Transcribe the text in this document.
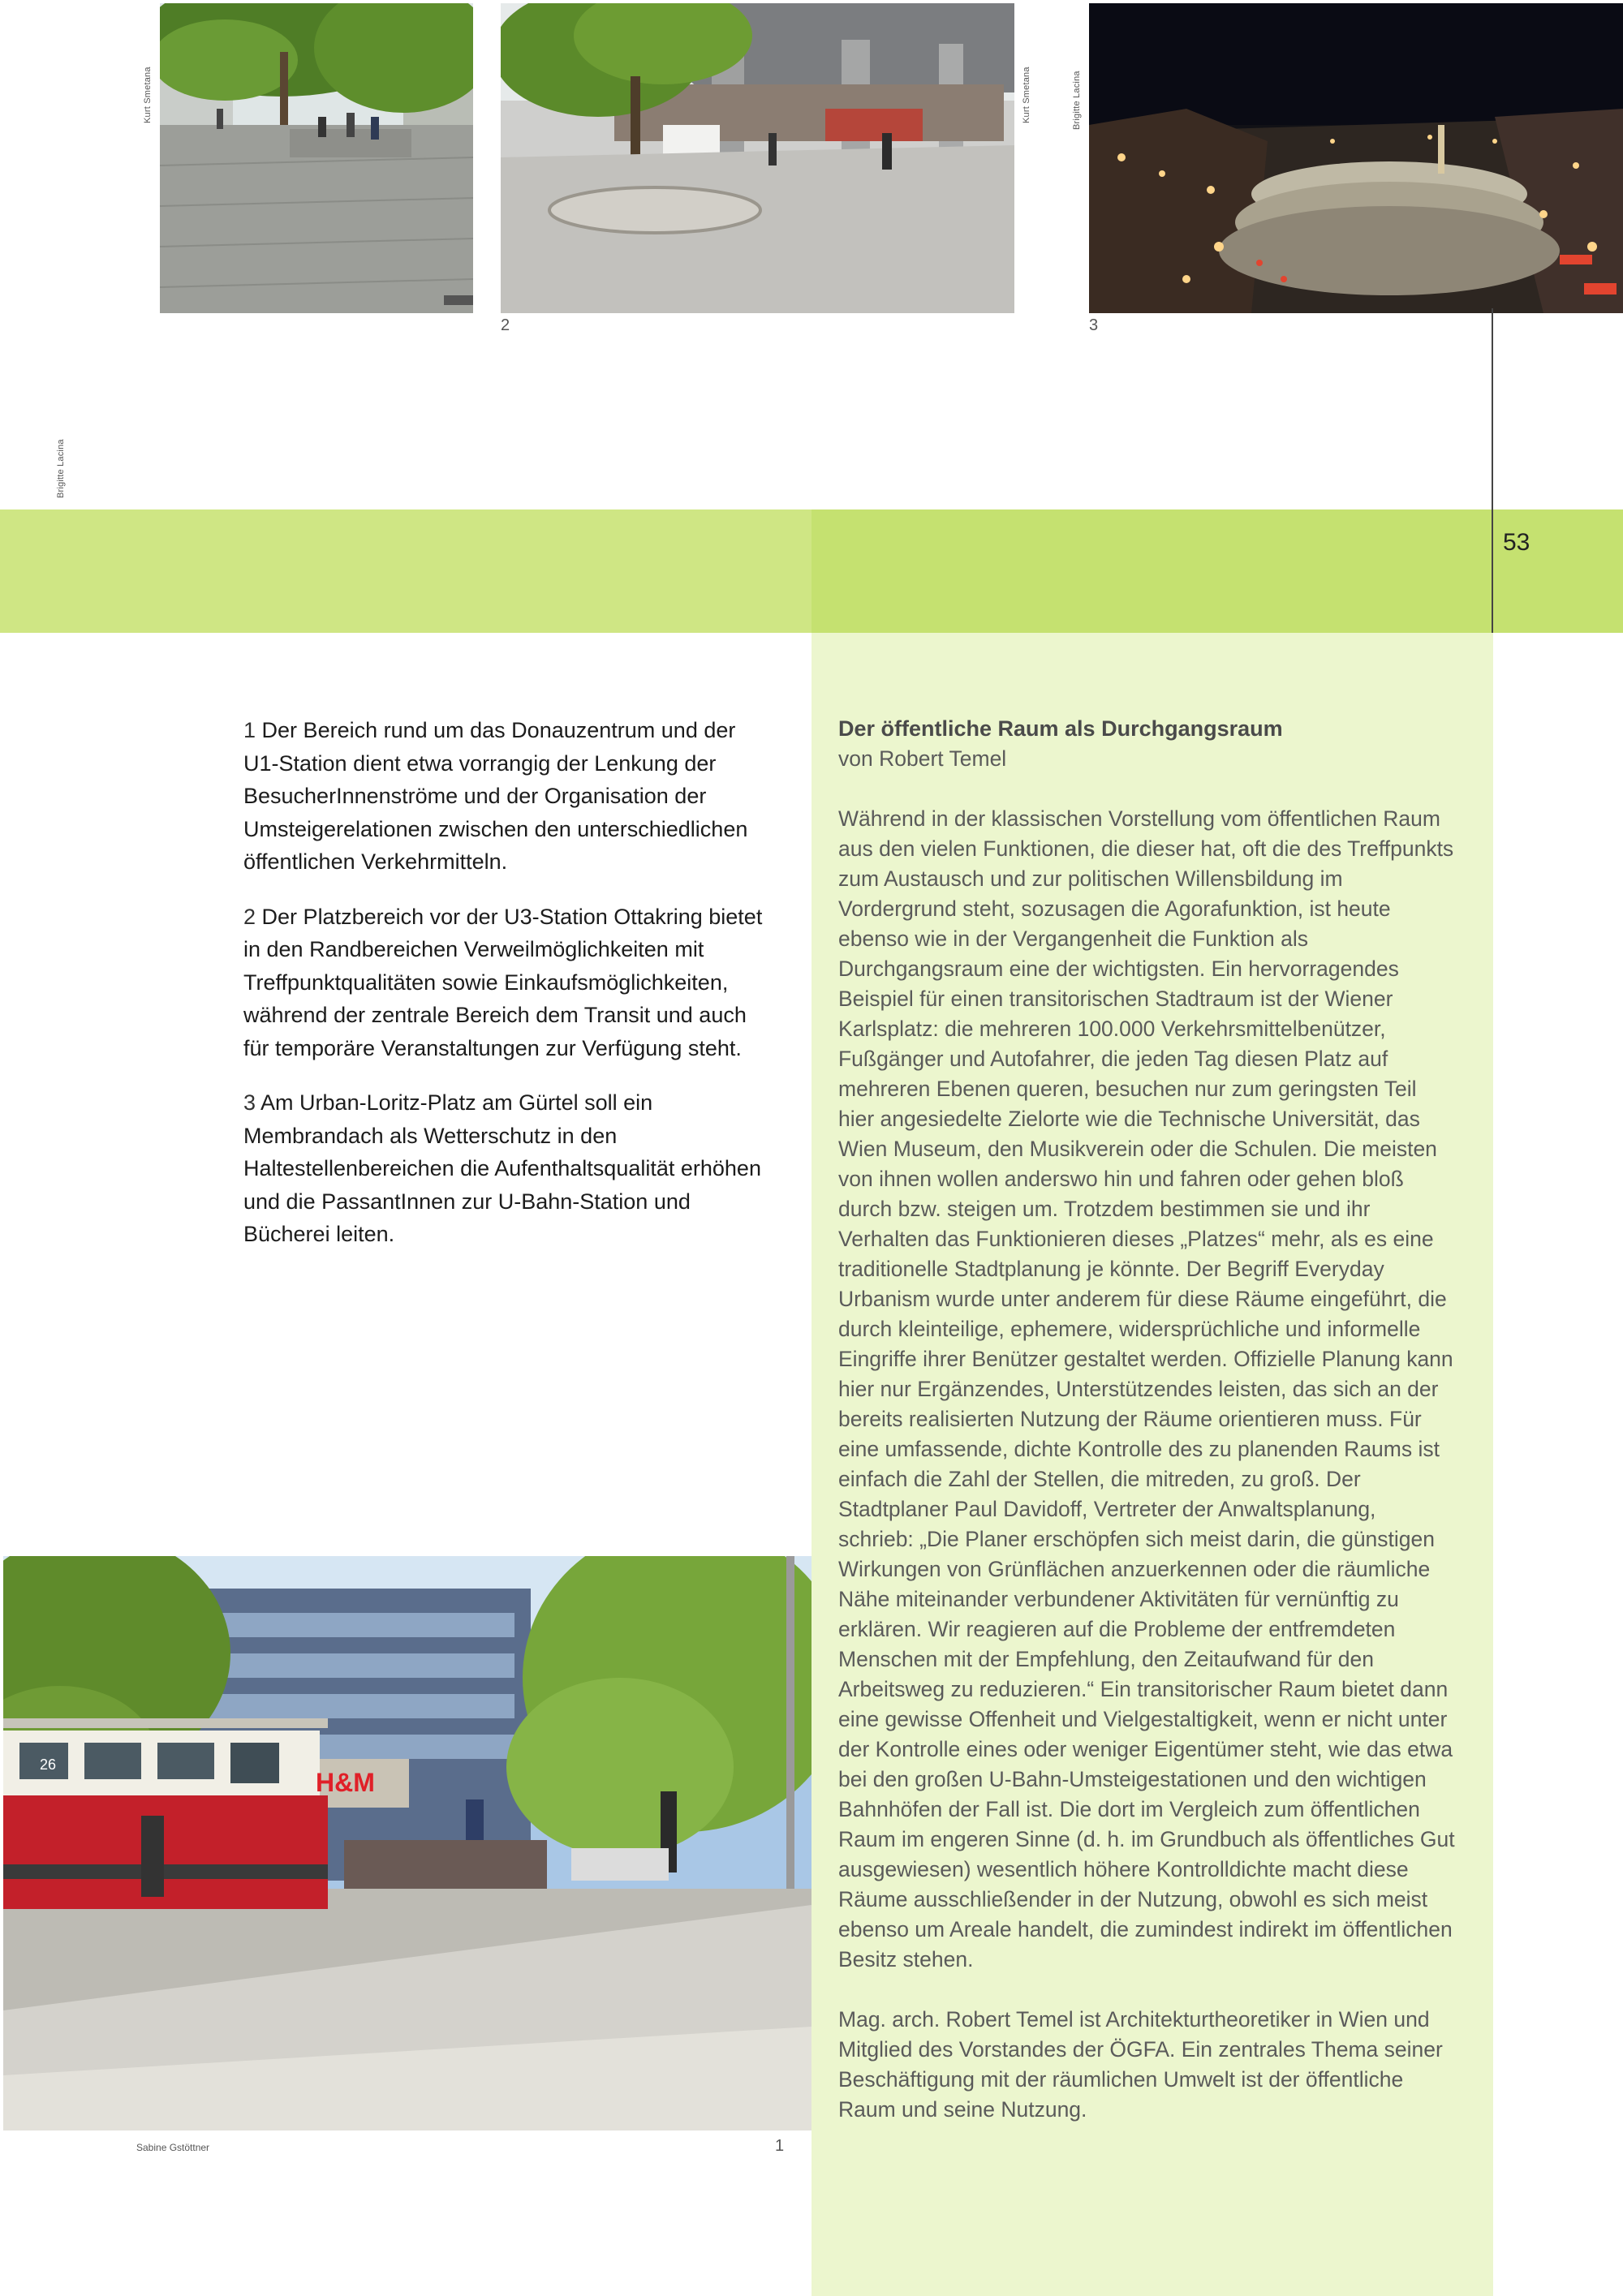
Kurt Smetana
2
Kurt Smetana
3
Brigitte Lacina
Brigitte Lacina
53

1 Der Bereich rund um das Donauzentrum und der U1-Station dient etwa vorrangig der Lenkung der BesucherInnenströme und der Organisation der Umsteigerelationen zwischen den unterschiedlichen öffentlichen Verkehrmitteln.

2 Der Platzbereich vor der U3-Station Ottakring bietet in den Randbereichen Verweilmöglichkeiten mit Treffpunktqualitäten sowie Einkaufsmöglichkeiten, während der zentrale Bereich dem Transit und auch für temporäre Veranstaltungen zur Verfügung steht.

3 Am Urban-Loritz-Platz am Gürtel soll ein Membrandach als Wetterschutz in den Haltestellenbereichen die Aufenthaltsqualität erhöhen und die PassantInnen zur U-Bahn-Station und Bücherei leiten.

Der öffentliche Raum als Durchgangsraum
von Robert Temel

Während in der klassischen Vorstellung vom öffentlichen Raum aus den vielen Funktionen, die dieser hat, oft die des Treffpunkts zum Austausch und zur politischen Willensbildung im Vordergrund steht, sozusagen die Agorafunktion, ist heute ebenso wie in der Vergangenheit die Funktion als Durchgangsraum eine der wichtigsten. Ein hervorragendes Beispiel für einen transitorischen Stadtraum ist der Wiener Karlsplatz: die mehreren 100.000 Verkehrsmittelbenützer, Fußgänger und Autofahrer, die jeden Tag diesen Platz auf mehreren Ebenen queren, besuchen nur zum geringsten Teil hier angesiedelte Zielorte wie die Technische Universität, das Wien Museum, den Musikverein oder die Schulen. Die meisten von ihnen wollen anderswo hin und fahren oder gehen bloß durch bzw. steigen um. Trotzdem bestimmen sie und ihr Verhalten das Funktionieren dieses „Platzes“ mehr, als es eine traditionelle Stadtplanung je könnte. Der Begriff Everyday Urbanism wurde unter anderem für diese Räume eingeführt, die durch kleinteilige, ephemere, widersprüchliche und informelle Eingriffe ihrer Benützer gestaltet werden. Offizielle Planung kann hier nur Ergänzendes, Unterstützendes leisten, das sich an der bereits realisierten Nutzung der Räume orientieren muss. Für eine umfassende, dichte Kontrolle des zu planenden Raums ist einfach die Zahl der Stellen, die mitreden, zu groß. Der Stadtplaner Paul Davidoff, Vertreter der Anwaltsplanung, schrieb: „Die Planer erschöpfen sich meist darin, die günstigen Wirkungen von Grünflächen anzuerkennen oder die räumliche Nähe miteinander verbundener Aktivitäten für vernünftig zu erklären. Wir reagieren auf die Probleme der entfremdeten Menschen mit der Empfehlung, den Zeitaufwand für den Arbeitsweg zu reduzieren.“ Ein transitorischer Raum bietet dann eine gewisse Offenheit und Vielgestaltigkeit, wenn er nicht unter der Kontrolle eines oder weniger Eigentümer steht, wie das etwa bei den großen U-Bahn-Umsteigestationen und den wichtigen Bahnhöfen der Fall ist. Die dort im Vergleich zum öffentlichen Raum im engeren Sinne (d. h. im Grundbuch als öffentliches Gut ausgewiesen) wesentlich höhere Kontrolldichte macht diese Räume ausschließender in der Nutzung, obwohl es sich meist ebenso um Areale handelt, die zumindest indirekt im öffentlichen Besitz stehen.

Mag. arch. Robert Temel ist Architekturtheoretiker in Wien und Mitglied des Vorstandes der ÖGFA. Ein zentrales Thema seiner Beschäftigung mit der räumlichen Umwelt ist der öffentliche Raum und seine Nutzung.

26
H&M
Sabine Gstöttner	1
